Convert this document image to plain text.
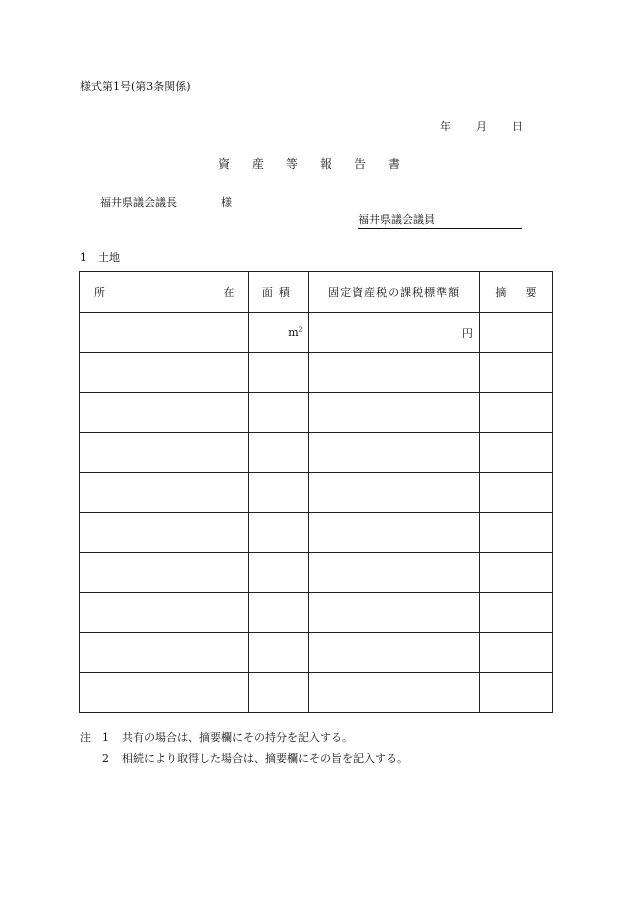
様式第1号(第3条関係)
年 月 日
資 産 等 報 告 書
福井県議会議長	様
福井県議会議員
1　土地
所 在	面積	固定資産税の課税標準額	摘 要

	$m^2$	円	

注	1	共有の場合は、摘要欄にその持分を記入する。
2	相続により取得した場合は、摘要欄にその旨を記入する。
